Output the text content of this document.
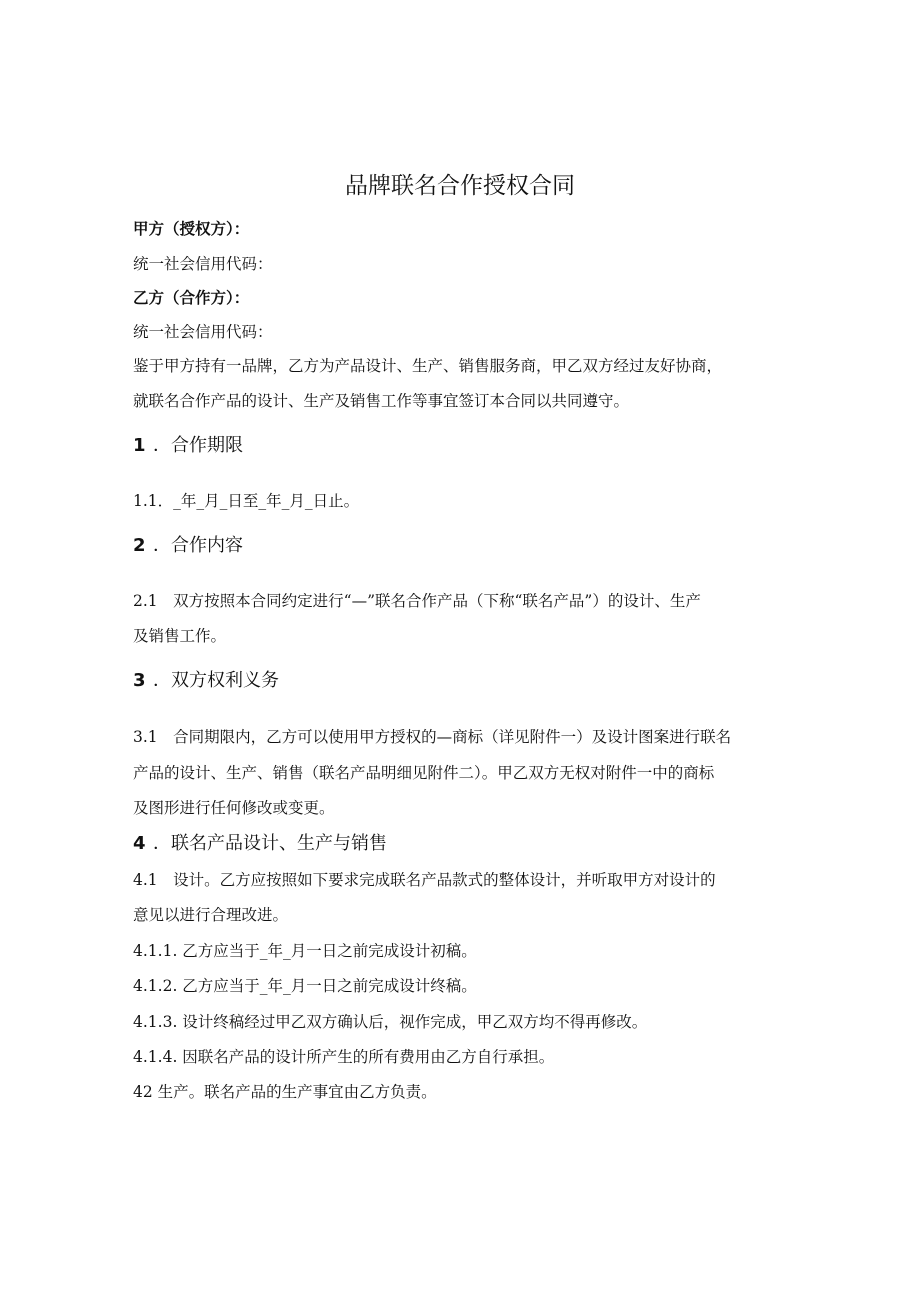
品牌联名合作授权合同
甲方（授权方）：
统一社会信用代码：
乙方（合作方）：
统一社会信用代码：
鉴于甲方持有一品牌，乙方为产品设计、生产、销售服务商，甲乙双方经过友好协商，
就联名合作产品的设计、生产及销售工作等事宜签订本合同以共同遵守。
1 ．合作期限
1.1．_年_月_日至_年_月_日止。
2 ．合作内容
2.1　双方按照本合同约定进行“—”联名合作产品（下称“联名产品”）的设计、生产
及销售工作。
3 ．双方权利义务
3.1　合同期限内，乙方可以使用甲方授权的—商标（详见附件一）及设计图案进行联名
产品的设计、生产、销售（联名产品明细见附件二）。甲乙双方无权对附件一中的商标
及图形进行任何修改或变更。
4 ．联名产品设计、生产与销售
4.1　设计。乙方应按照如下要求完成联名产品款式的整体设计，并听取甲方对设计的
意见以进行合理改进。
4.1.1. 乙方应当于_年_月一日之前完成设计初稿。
4.1.2. 乙方应当于_年_月一日之前完成设计终稿。
4.1.3. 设计终稿经过甲乙双方确认后，视作完成，甲乙双方均不得再修改。
4.1.4. 因联名产品的设计所产生的所有费用由乙方自行承担。
42 生产。联名产品的生产事宜由乙方负责。
